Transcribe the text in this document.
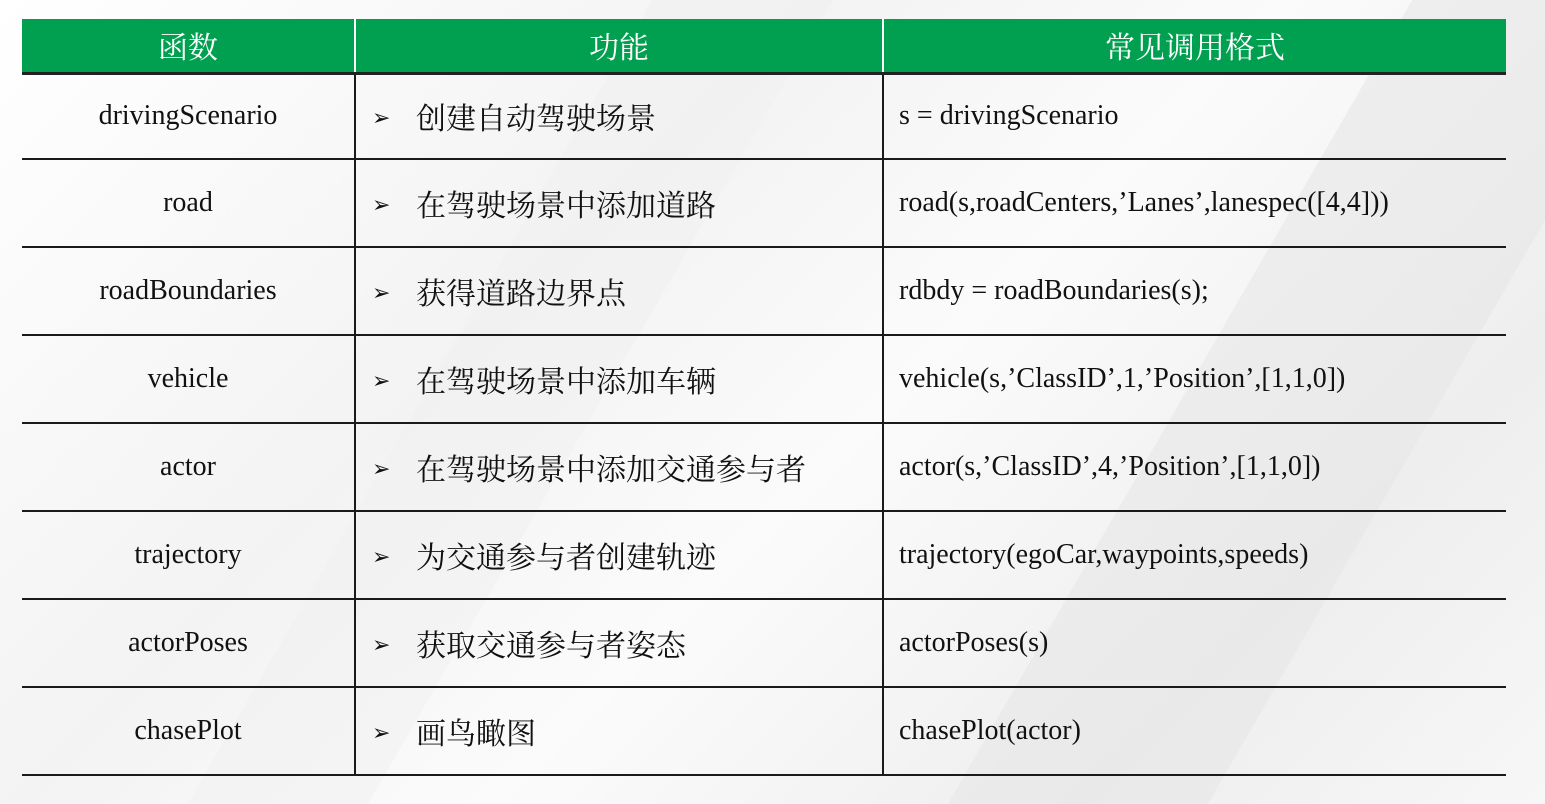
函数	功能	常见调用格式
drivingScenario	➢ 创建自动驾驶场景	s = drivingScenario
road	➢ 在驾驶场景中添加道路	road(s,roadCenters,’Lanes’,lanespec([4,4]))
roadBoundaries	➢ 获得道路边界点	rdbdy = roadBoundaries(s);
vehicle	➢ 在驾驶场景中添加车辆	vehicle(s,’ClassID’,1,’Position’,[1,1,0])
actor	➢ 在驾驶场景中添加交通参与者	actor(s,’ClassID’,4,’Position’,[1,1,0])
trajectory	➢ 为交通参与者创建轨迹	trajectory(egoCar,waypoints,speeds)
actorPoses	➢ 获取交通参与者姿态	actorPoses(s)
chasePlot	➢ 画鸟瞰图	chasePlot(actor)
